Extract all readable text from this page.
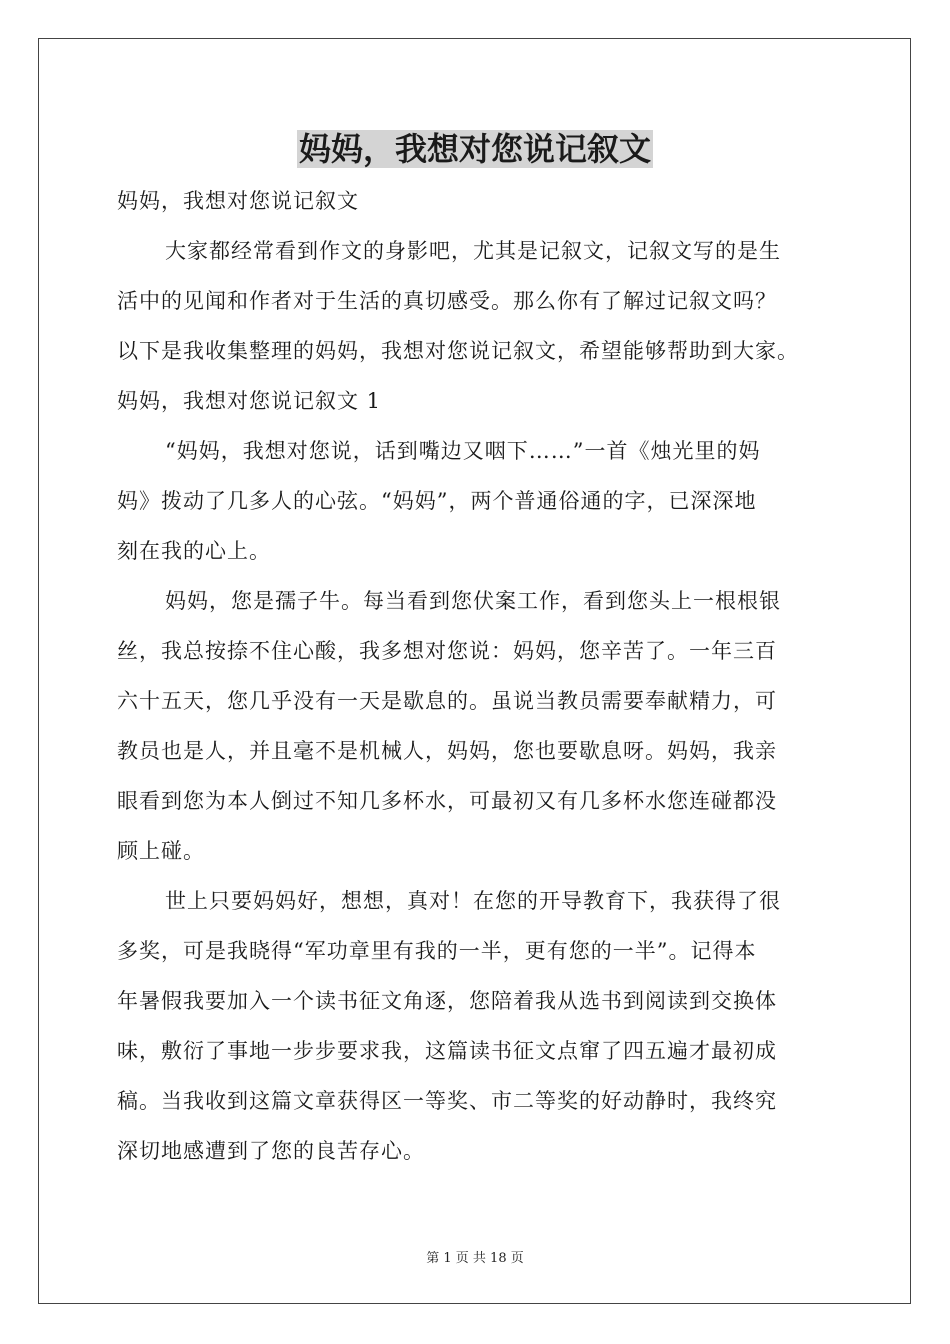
妈妈，我想对您说记叙文

妈妈，我想对您说记叙文

大家都经常看到作文的身影吧，尤其是记叙文，记叙文写的是生

活中的见闻和作者对于生活的真切感受。那么你有了解过记叙文吗？

以下是我收集整理的妈妈，我想对您说记叙文，希望能够帮助到大家。

妈妈，我想对您说记叙文 1

“妈妈，我想对您说，话到嘴边又咽下……”一首《烛光里的妈

妈》拨动了几多人的心弦。“妈妈”，两个普通俗通的字，已深深地

刻在我的心上。

妈妈，您是孺子牛。每当看到您伏案工作，看到您头上一根根银

丝，我总按捺不住心酸，我多想对您说：妈妈，您辛苦了。一年三百

六十五天，您几乎没有一天是歇息的。虽说当教员需要奉献精力，可

教员也是人，并且毫不是机械人，妈妈，您也要歇息呀。妈妈，我亲

眼看到您为本人倒过不知几多杯水，可最初又有几多杯水您连碰都没

顾上碰。

世上只要妈妈好，想想，真对！在您的开导教育下，我获得了很

多奖，可是我晓得“军功章里有我的一半，更有您的一半”。记得本

年暑假我要加入一个读书征文角逐，您陪着我从选书到阅读到交换体

味，敷衍了事地一步步要求我，这篇读书征文点窜了四五遍才最初成

稿。当我收到这篇文章获得区一等奖、市二等奖的好动静时，我终究

深切地感遭到了您的良苦存心。

第 1 页 共 18 页
